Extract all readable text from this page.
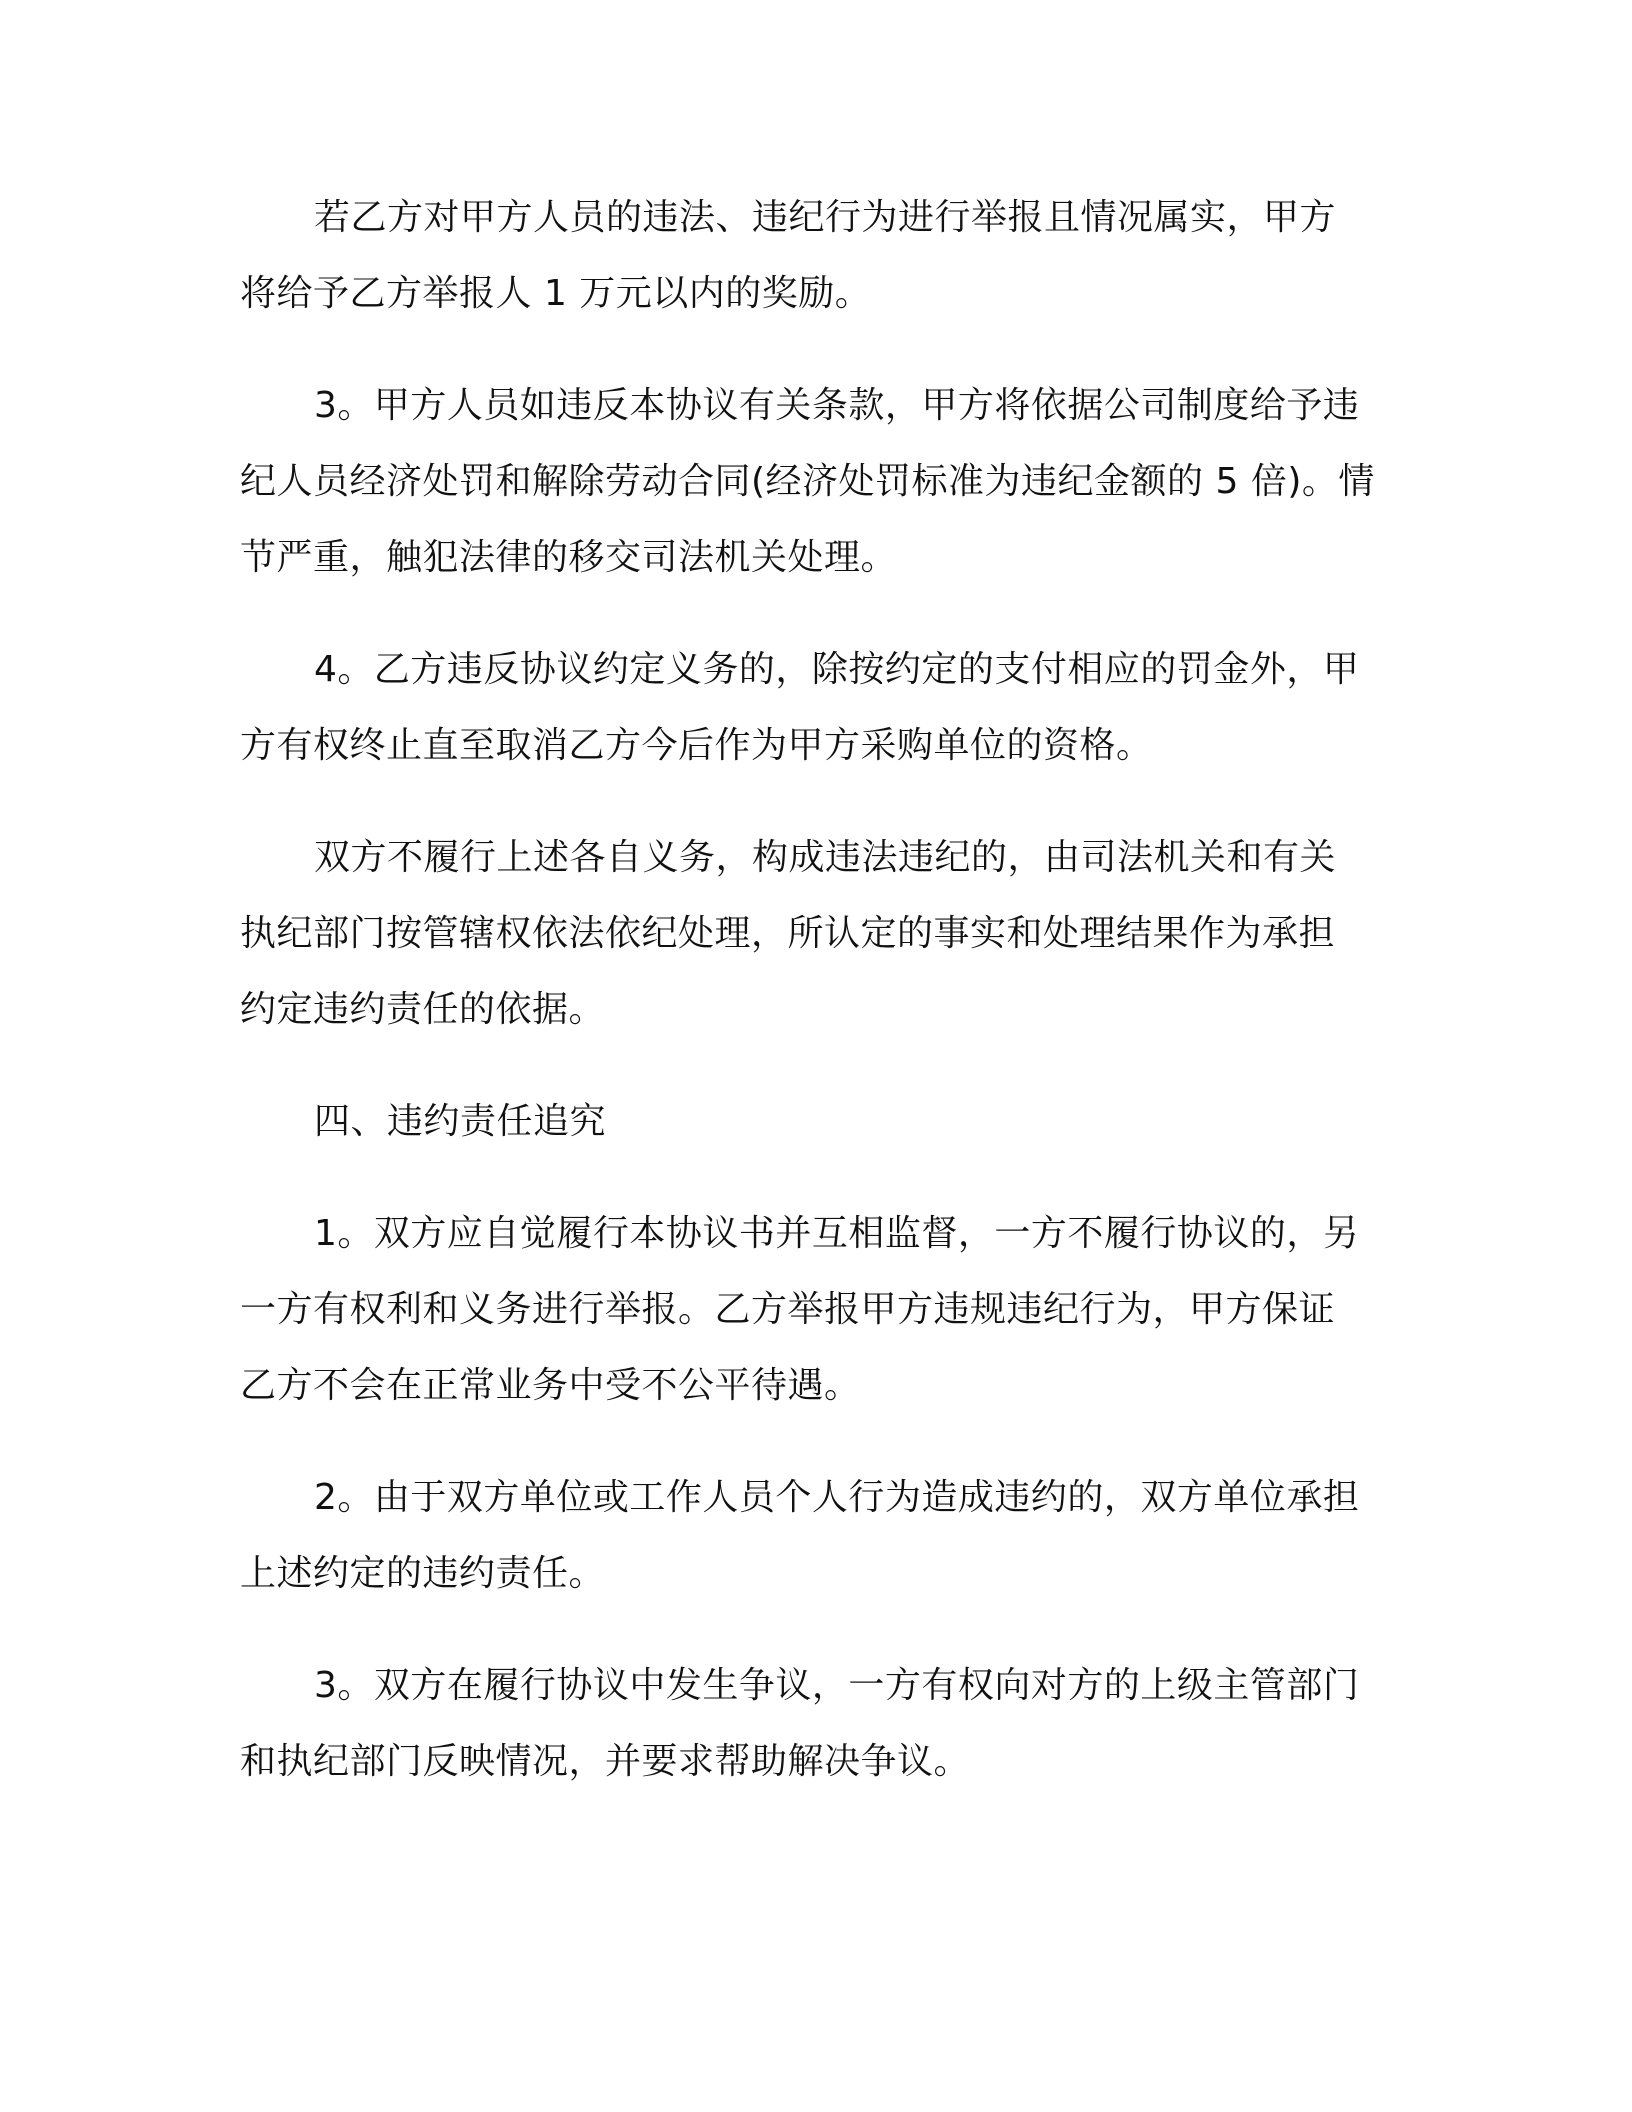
若乙方对甲方人员的违法、违纪行为进行举报且情况属实，甲方
将给予乙方举报人 1 万元以内的奖励。

3。甲方人员如违反本协议有关条款，甲方将依据公司制度给予违
纪人员经济处罚和解除劳动合同(经济处罚标准为违纪金额的 5 倍)。情
节严重，触犯法律的移交司法机关处理。

4。乙方违反协议约定义务的，除按约定的支付相应的罚金外，甲
方有权终止直至取消乙方今后作为甲方采购单位的资格。

双方不履行上述各自义务，构成违法违纪的，由司法机关和有关
执纪部门按管辖权依法依纪处理，所认定的事实和处理结果作为承担
约定违约责任的依据。

四、违约责任追究

1。双方应自觉履行本协议书并互相监督，一方不履行协议的，另
一方有权利和义务进行举报。乙方举报甲方违规违纪行为，甲方保证
乙方不会在正常业务中受不公平待遇。

2。由于双方单位或工作人员个人行为造成违约的，双方单位承担
上述约定的违约责任。

3。双方在履行协议中发生争议，一方有权向对方的上级主管部门
和执纪部门反映情况，并要求帮助解决争议。
